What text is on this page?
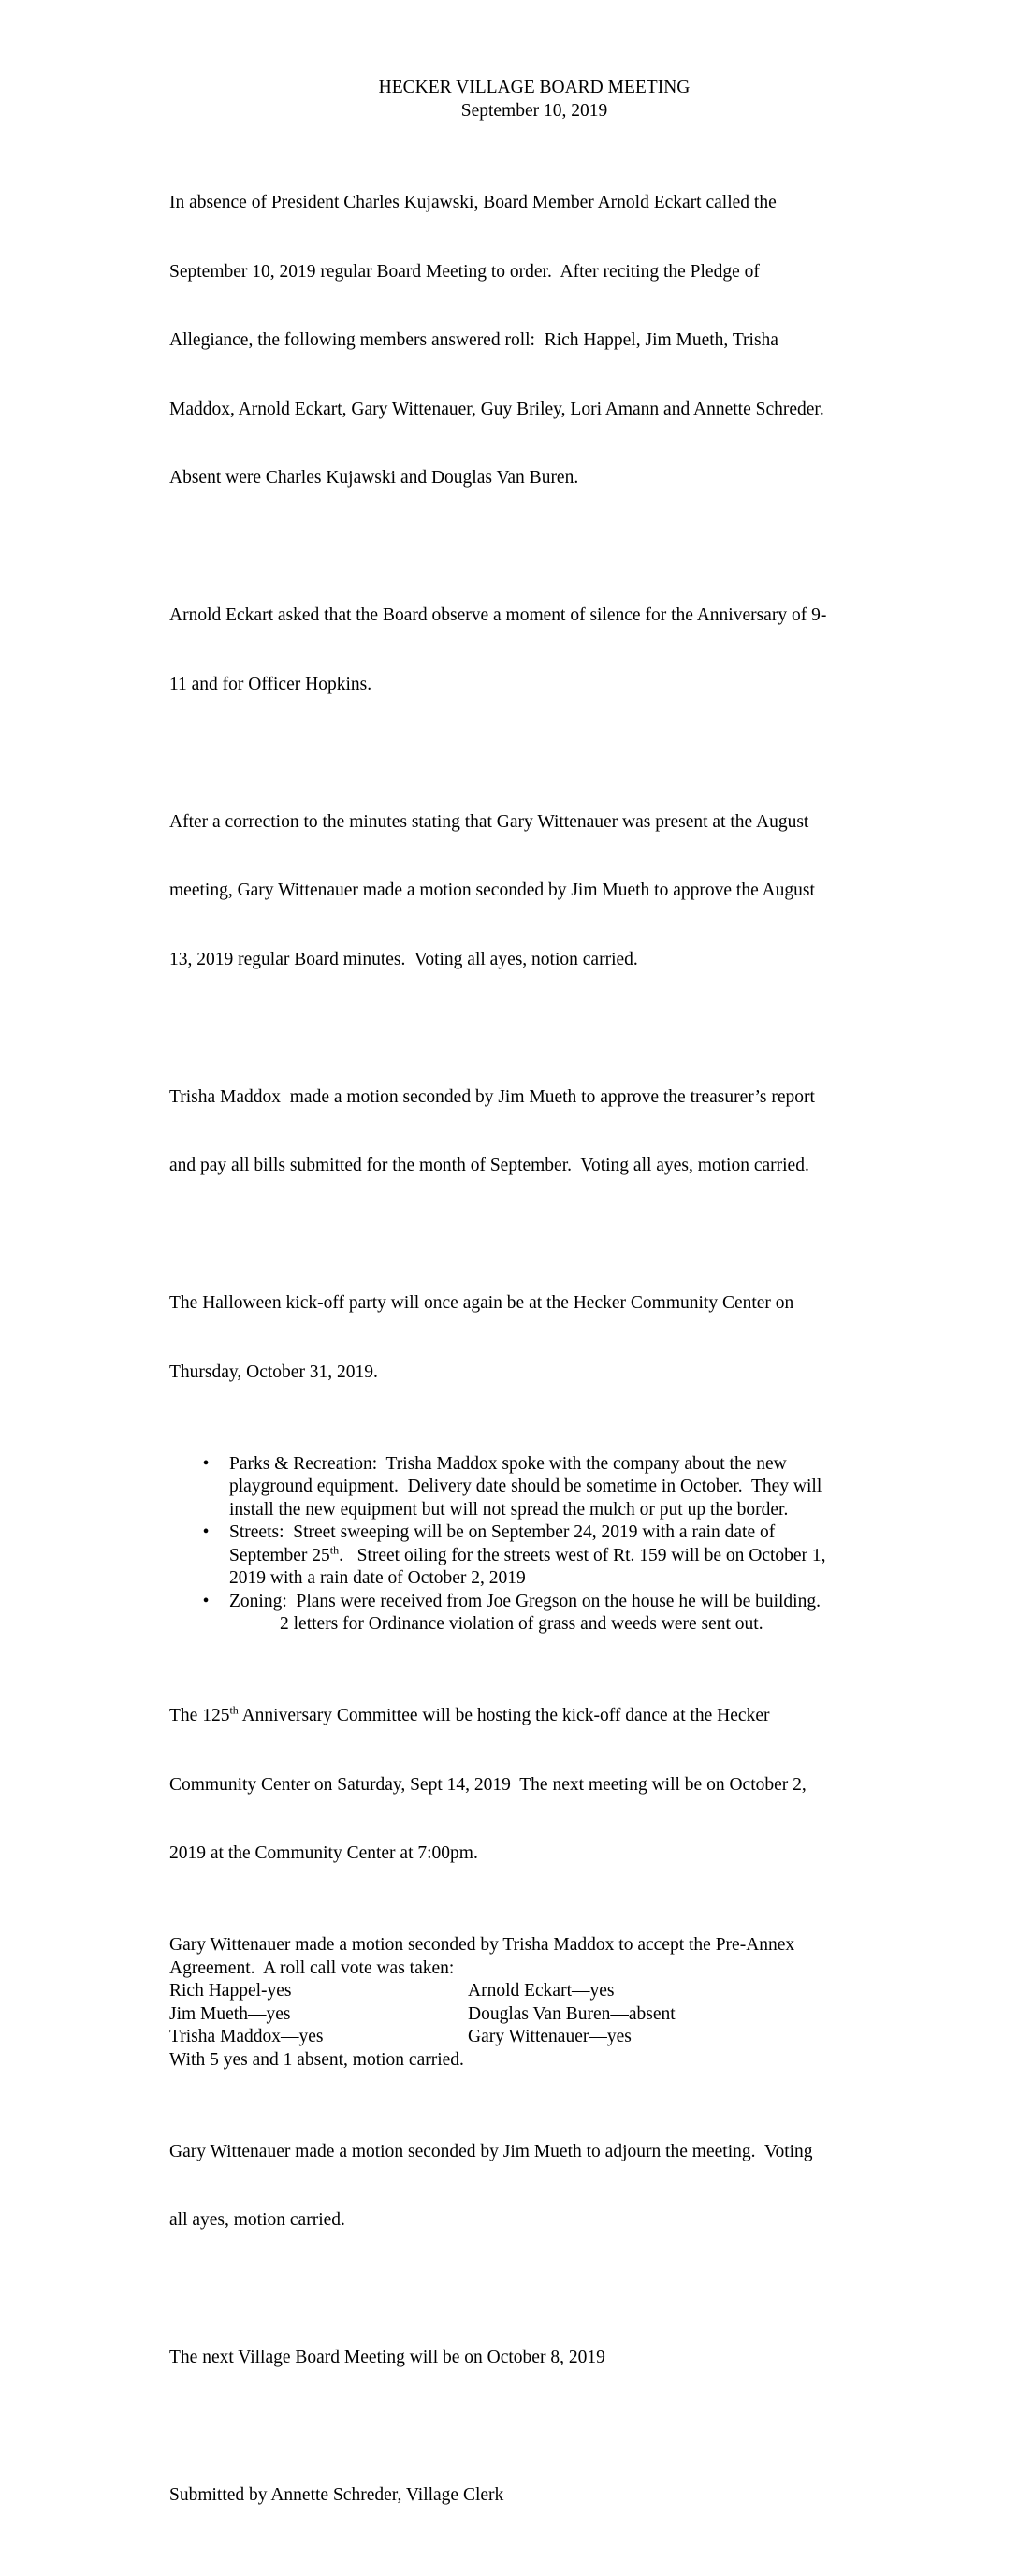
HECKER VILLAGE BOARD MEETING

September 10, 2019

In absence of President Charles Kujawski, Board Member Arnold Eckart called the

September 10, 2019 regular Board Meeting to order.  After reciting the Pledge of

Allegiance, the following members answered roll:  Rich Happel, Jim Mueth, Trisha

Maddox, Arnold Eckart, Gary Wittenauer, Guy Briley, Lori Amann and Annette Schreder.

Absent were Charles Kujawski and Douglas Van Buren.

Arnold Eckart asked that the Board observe a moment of silence for the Anniversary of 9-

11 and for Officer Hopkins.

After a correction to the minutes stating that Gary Wittenauer was present at the August

meeting, Gary Wittenauer made a motion seconded by Jim Mueth to approve the August

13, 2019 regular Board minutes.  Voting all ayes, notion carried.

Trisha Maddox  made a motion seconded by Jim Mueth to approve the treasurer’s report

and pay all bills submitted for the month of September.  Voting all ayes, motion carried.

The Halloween kick-off party will once again be at the Hecker Community Center on

Thursday, October 31, 2019.

• Parks & Recreation:  Trisha Maddox spoke with the company about the new
playground equipment.  Delivery date should be sometime in October.  They will
install the new equipment but will not spread the mulch or put up the border.
• Streets:  Street sweeping will be on September 24, 2019 with a rain date of
September 25th.   Street oiling for the streets west of Rt. 159 will be on October 1,
2019 with a rain date of October 2, 2019
• Zoning:  Plans were received from Joe Gregson on the house he will be building.
2 letters for Ordinance violation of grass and weeds were sent out.

The 125th Anniversary Committee will be hosting the kick-off dance at the Hecker

Community Center on Saturday, Sept 14, 2019  The next meeting will be on October 2,

2019 at the Community Center at 7:00pm.

Gary Wittenauer made a motion seconded by Trisha Maddox to accept the Pre-Annex
Agreement.  A roll call vote was taken:
Rich Happel-yes	Arnold Eckart—yes
Jim Mueth—yes	Douglas Van Buren—absent
Trisha Maddox—yes	Gary Wittenauer—yes
With 5 yes and 1 absent, motion carried.

Gary Wittenauer made a motion seconded by Jim Mueth to adjourn the meeting.  Voting

all ayes, motion carried.

The next Village Board Meeting will be on October 8, 2019

Submitted by Annette Schreder, Village Clerk
